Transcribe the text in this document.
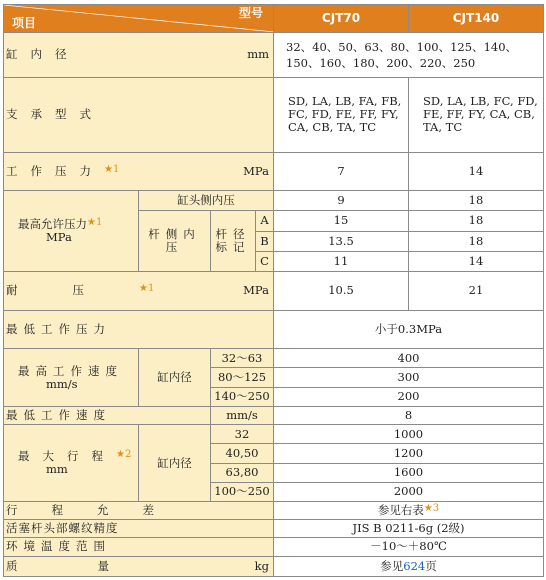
项目
型号				CJT70	CJT140

缸内径 mm				32、40、50、63、80、100、125、140、150、160、180、200、220、250	
支承型式				SD, LA, LB, FA, FB, FC, FD, FE, FF, FY, CA, CB, TA, TC	SD, LA, LB, FC, FD, FE, FF, FY, CA, CB, TA, TC

工作压力★1 MPa				7	14

最高允许压力★1
MPa	缸头侧内压			9	18
	杆侧内压	杆径标记	A	15	18
			B	13.5	18
			C	11	14

耐压★1 MPa				10.5	21
最低工作压力				小于0.3MPa	

最高工作速度
mm/s	缸内径	32～63		400	
		80～125		300	
		140～250		200	
最低工作速度		mm/s		8	

最大行程★2
mm	缸内径	32		1000	
		40,50		1200	
		63,80		1600	
		100～250		2000	
行程允差				参见右表★3	
活塞杆头部螺纹精度				JIS B 0211-6g (2级)	
环境温度范围				－10～＋80℃	

质量 kg				参见624页	
